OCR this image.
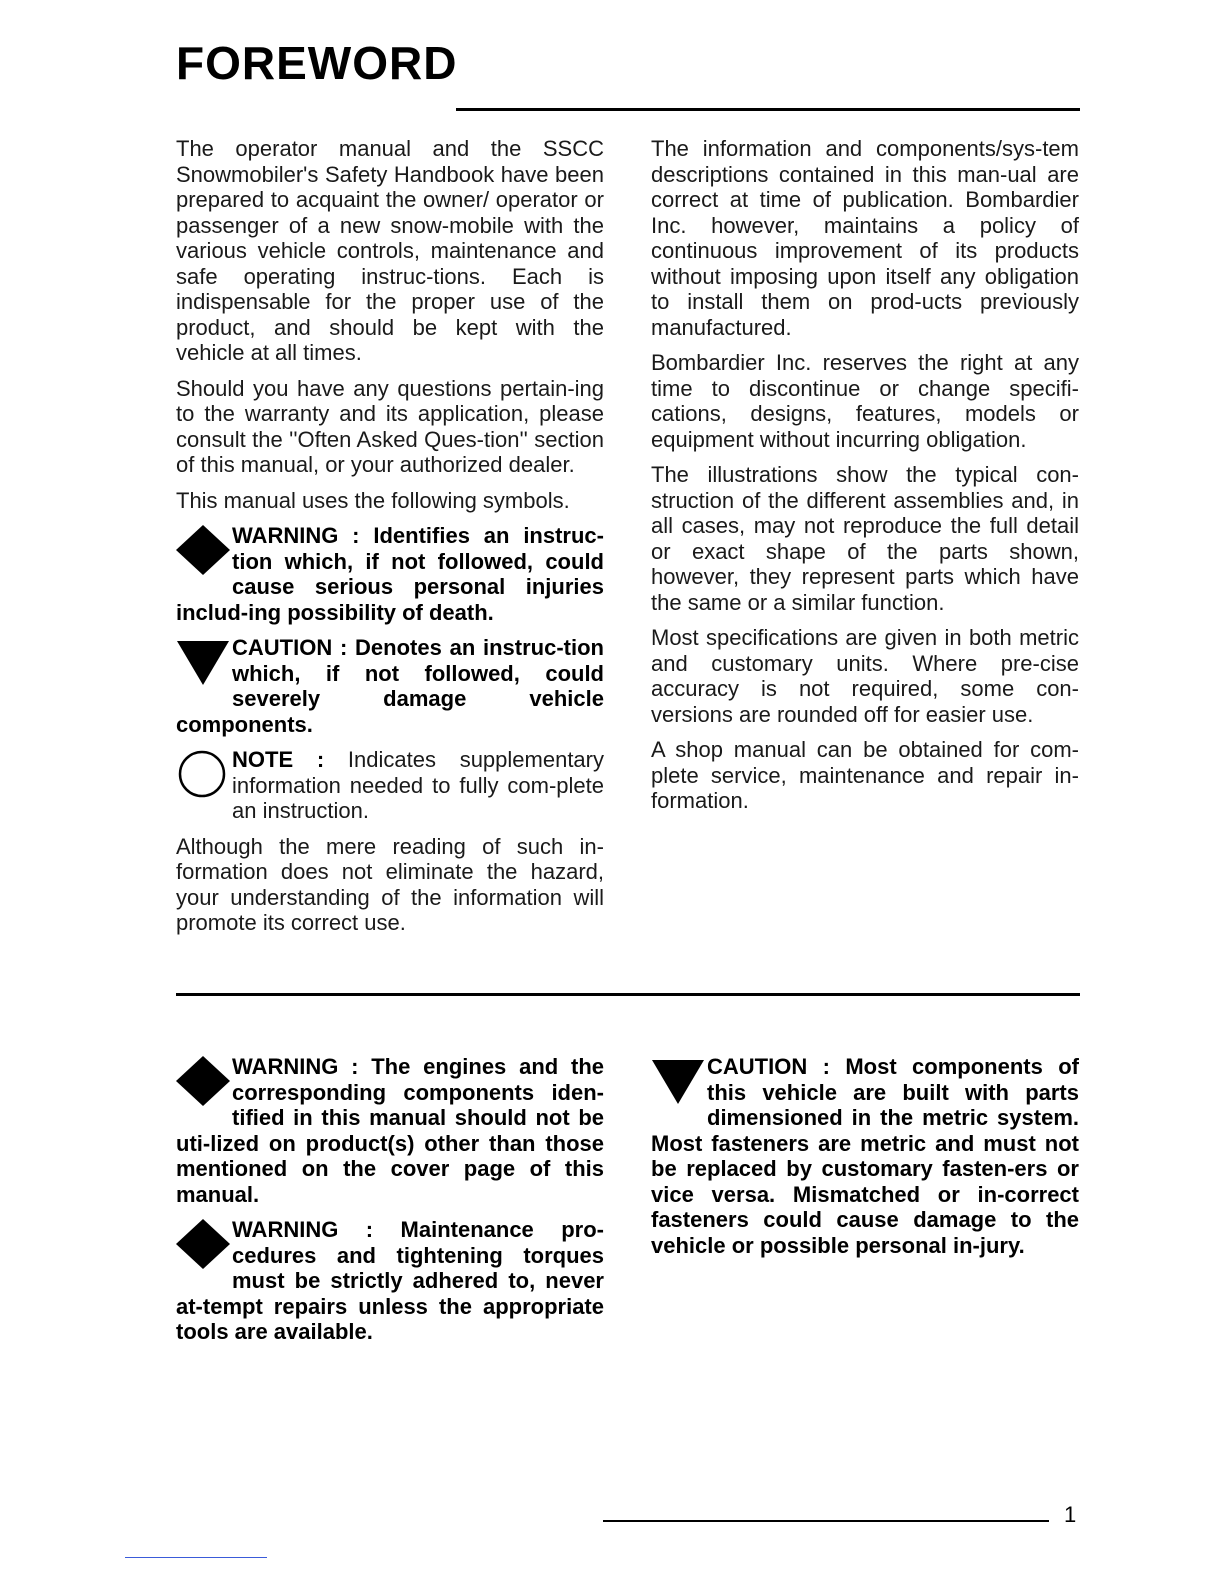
FOREWORD

The operator manual and the SSCC Snowmobiler's Safety Handbook have been prepared to acquaint the owner/ operator or passenger of a new snow-mobile with the various vehicle controls, maintenance and safe operating instruc-tions. Each is indispensable for the proper use of the product, and should be kept with the vehicle at all times.

Should you have any questions pertain-ing to the warranty and its application, please consult the ''Often Asked Ques-tion'' section of this manual, or your authorized dealer.

This manual uses the following symbols.

WARNING : Identifies an instruc-tion which, if not followed, could cause serious personal injuries includ-ing possibility of death.

CAUTION : Denotes an instruc-tion which, if not followed, could severely damage vehicle components.

NOTE : Indicates supplementary information needed to fully com-plete an instruction.

Although the mere reading of such in-formation does not eliminate the hazard, your understanding of the information will promote its correct use.

The information and components/sys-tem descriptions contained in this man-ual are correct at time of publication. Bombardier Inc. however, maintains a policy of continuous improvement of its products without imposing upon itself any obligation to install them on prod-ucts previously manufactured.

Bombardier Inc. reserves the right at any time to discontinue or change specifi-cations, designs, features, models or equipment without incurring obligation.

The illustrations show the typical con-struction of the different assemblies and, in all cases, may not reproduce the full detail or exact shape of the parts shown, however, they represent parts which have the same or a similar function.

Most specifications are given in both metric and customary units. Where pre-cise accuracy is not required, some con-versions are rounded off for easier use.

A shop manual can be obtained for com-plete service, maintenance and repair in-formation.

WARNING : The engines and the corresponding components iden-tified in this manual should not be uti-lized on product(s) other than those mentioned on the cover page of this manual.

WARNING : Maintenance pro-cedures and tightening torques must be strictly adhered to, never at-tempt repairs unless the appropriate tools are available.

CAUTION : Most components of this vehicle are built with parts dimensioned in the metric system. Most fasteners are metric and must not be replaced by customary fasten-ers or vice versa. Mismatched or in-correct fasteners could cause damage to the vehicle or possible personal in-jury.

1
